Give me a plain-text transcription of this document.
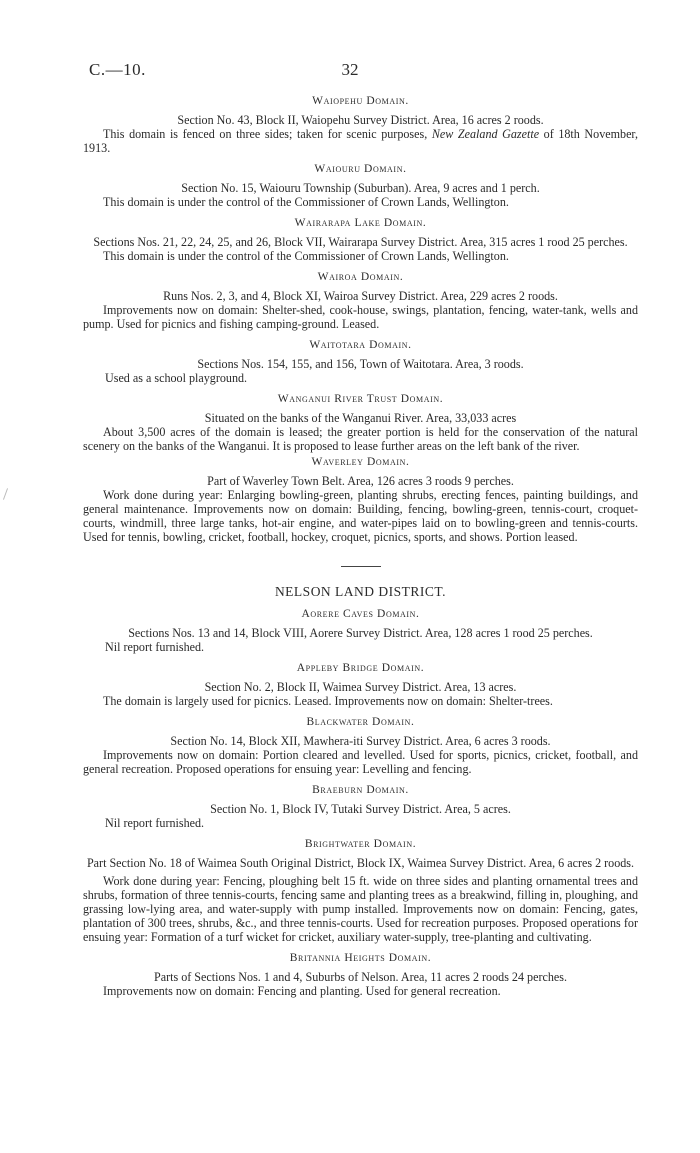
C.—10.	32
Waiopehu Domain.
Section No. 43, Block II, Waiopehu Survey District. Area, 16 acres 2 roods.

This domain is fenced on three sides; taken for scenic purposes, New Zealand Gazette of 18th November, 1913.

Waiouru Domain.
Section No. 15, Waiouru Township (Suburban). Area, 9 acres and 1 perch.

This domain is under the control of the Commissioner of Crown Lands, Wellington.

Wairarapa Lake Domain.
Sections Nos. 21, 22, 24, 25, and 26, Block VII, Wairarapa Survey District. Area, 315 acres 1 rood 25 perches.

This domain is under the control of the Commissioner of Crown Lands, Wellington.

Wairoa Domain.
Runs Nos. 2, 3, and 4, Block XI, Wairoa Survey District. Area, 229 acres 2 roods.

Improvements now on domain: Shelter-shed, cook-house, swings, plantation, fencing, water-tank, wells and pump. Used for picnics and fishing camping-ground. Leased.

Waitotara Domain.
Sections Nos. 154, 155, and 156, Town of Waitotara. Area, 3 roods.

Used as a school playground.

Wanganui River Trust Domain.
Situated on the banks of the Wanganui River. Area, 33,033 acres

About 3,500 acres of the domain is leased; the greater portion is held for the conservation of the natural scenery on the banks of the Wanganui. It is proposed to lease further areas on the left bank of the river.

Waverley Domain.
Part of Waverley Town Belt. Area, 126 acres 3 roods 9 perches.

Work done during year: Enlarging bowling-green, planting shrubs, erecting fences, painting buildings, and general maintenance. Improvements now on domain: Building, fencing, bowling-green, tennis-court, croquet-courts, windmill, three large tanks, hot-air engine, and water-pipes laid on to bowling-green and tennis-courts. Used for tennis, bowling, cricket, football, hockey, croquet, picnics, sports, and shows. Portion leased.

NELSON LAND DISTRICT.
Aorere Caves Domain.
Sections Nos. 13 and 14, Block VIII, Aorere Survey District. Area, 128 acres 1 rood 25 perches.

Nil report furnished.

Appleby Bridge Domain.
Section No. 2, Block II, Waimea Survey District. Area, 13 acres.

The domain is largely used for picnics. Leased. Improvements now on domain: Shelter-trees.

Blackwater Domain.
Section No. 14, Block XII, Mawhera-iti Survey District. Area, 6 acres 3 roods.

Improvements now on domain: Portion cleared and levelled. Used for sports, picnics, cricket, football, and general recreation. Proposed operations for ensuing year: Levelling and fencing.

Braeburn Domain.
Section No. 1, Block IV, Tutaki Survey District. Area, 5 acres.

Nil report furnished.

Brightwater Domain.
Part Section No. 18 of Waimea South Original District, Block IX, Waimea Survey District. Area, 6 acres 2 roods.

Work done during year: Fencing, ploughing belt 15 ft. wide on three sides and planting ornamental trees and shrubs, formation of three tennis-courts, fencing same and planting trees as a breakwind, filling in, ploughing, and grassing low-lying area, and water-supply with pump installed. Improvements now on domain: Fencing, gates, plantation of 300 trees, shrubs, &c., and three tennis-courts. Used for recreation purposes. Proposed operations for ensuing year: Formation of a turf wicket for cricket, auxiliary water-supply, tree-planting and cultivating.

Britannia Heights Domain.
Parts of Sections Nos. 1 and 4, Suburbs of Nelson. Area, 11 acres 2 roods 24 perches.

Improvements now on domain: Fencing and planting. Used for general recreation.
